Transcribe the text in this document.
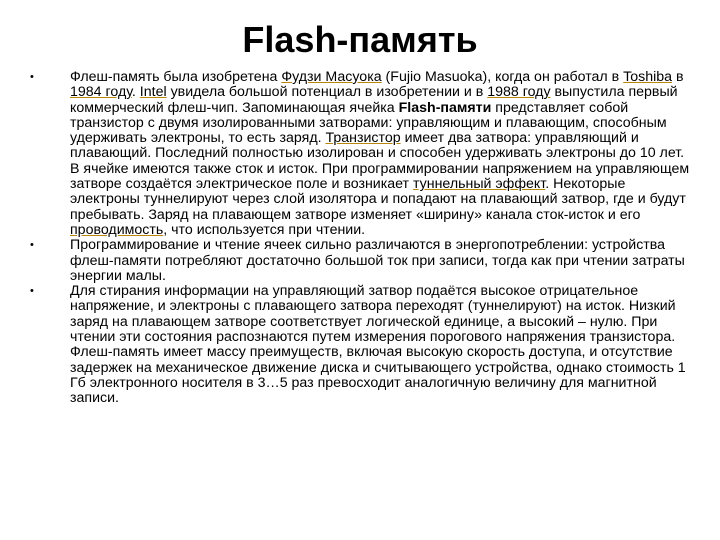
Flash-память
•	Флеш-память была изобретена Фудзи Масуока (Fujio Masuoka), когда он работал в Toshiba в 1984 году. Intel увидела большой потенциал в изобретении и в 1988 году выпустила первый коммерческий флеш-чип. Запоминающая ячейка Flash-памяти представляет собой транзистор с двумя изолированными затворами: управляющим и плавающим, способным удерживать электроны, то есть заряд. Транзистор имеет два затвора: управляющий и плавающий. Последний полностью изолирован и способен удерживать электроны до 10 лет. В ячейке имеются также сток и исток. При программировании напряжением на управляющем затворе создаётся электрическое поле и возникает туннельный эффект. Некоторые электроны туннелируют через слой изолятора и попадают на плавающий затвор, где и будут пребывать. Заряд на плавающем затворе изменяет «ширину» канала сток-исток и его проводимость, что используется при чтении.
•	Программирование и чтение ячеек сильно различаются в энергопотреблении: устройства флеш-памяти потребляют достаточно большой ток при записи, тогда как при чтении затраты энергии малы.
•	Для стирания информации на управляющий затвор подаётся высокое отрицательное напряжение, и электроны с плавающего затвора переходят (туннелируют) на исток. Низкий заряд на плавающем затворе соответствует логической единице, а высокий – нулю. При чтении эти состояния распознаются путем измерения порогового напряжения транзистора. Флеш-память имеет массу преимуществ, включая высокую скорость доступа, и отсутствие задержек на механическое движение диска и считывающего устройства, однако стоимость 1 Гб электронного носителя в 3…5 раз превосходит аналогичную величину для магнитной записи.
